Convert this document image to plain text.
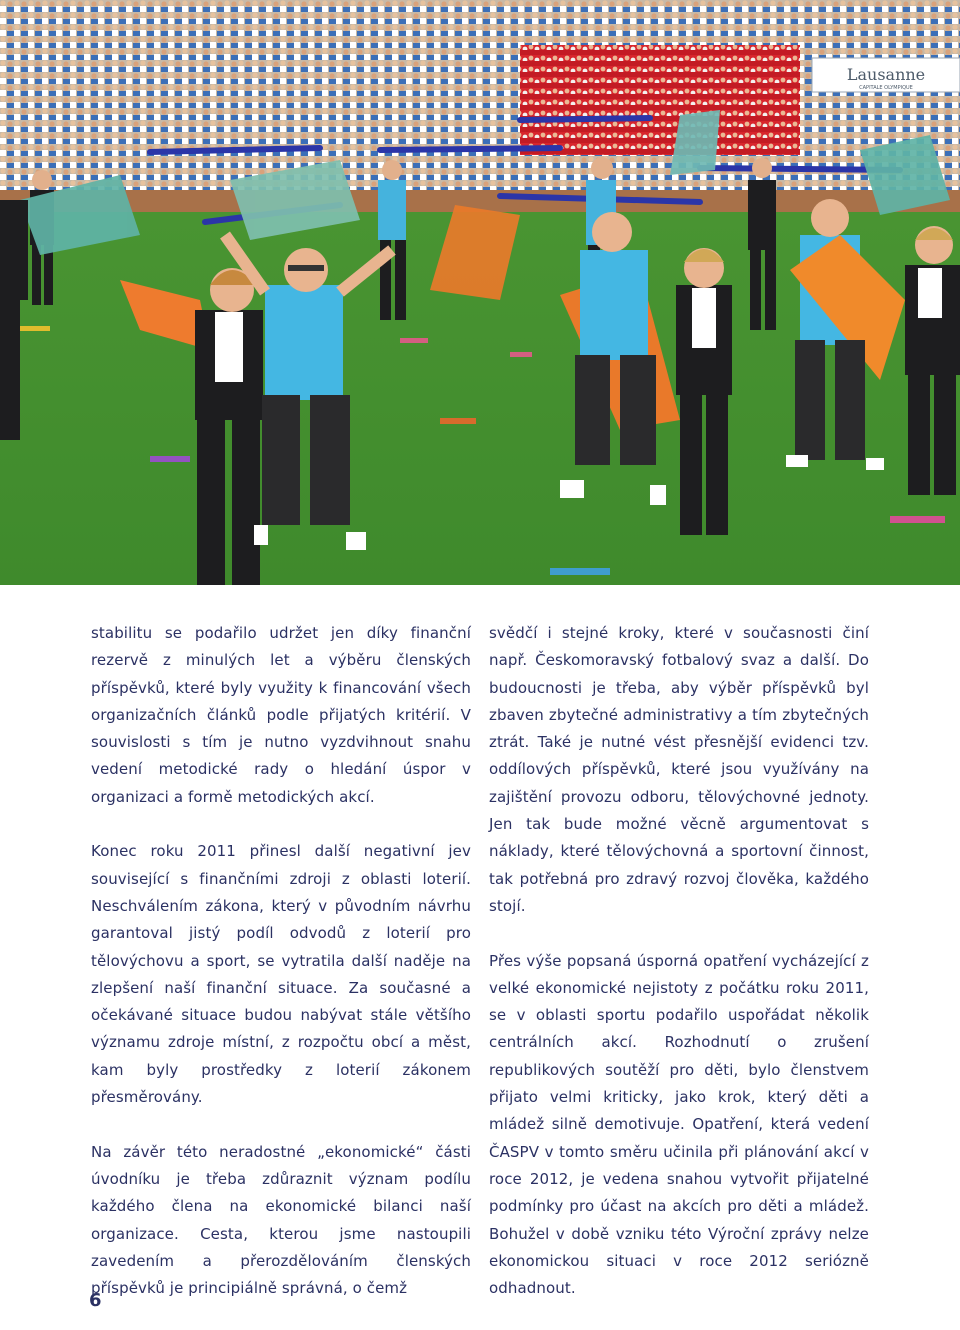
Lausanne
CAPITALE OLYMPIQUE

stabilitu se podařilo udržet jen díky finanční rezervě z minulých let a výběru členských příspěvků, které byly využity k financování všech organizačních článků podle přijatých kritérií. V souvislosti s tím je nutno vyzdvihnout snahu vedení metodické rady o hledání úspor v organizaci a formě metodických akcí.

Konec roku 2011 přinesl další negativní jev související s finančními zdroji z oblasti loterií. Neschválením zákona, který v původním návrhu garantoval jistý podíl odvodů z loterií pro tělovýchovu a sport, se vytratila další naděje na zlepšení naší finanční situace. Za současné a očekávané situace budou nabývat stále většího významu zdroje místní, z rozpočtu obcí a měst, kam byly prostředky z loterií zákonem přesměrovány.

Na závěr této neradostné „ekonomické“ části úvodníku je třeba zdůraznit význam podílu každého člena na ekonomické bilanci naší organizace. Cesta, kterou jsme nastoupili zavedením a přerozdělováním členských příspěvků je principiálně správná, o čemž

svědčí i stejné kroky, které v současnosti činí např. Českomoravský fotbalový svaz a další. Do budoucnosti je třeba, aby výběr příspěvků byl zbaven zbytečné administrativy a tím zbytečných ztrát. Také je nutné vést přesnější evidenci tzv. oddílových příspěvků, které jsou využívány na zajištění provozu odboru, tělovýchovné jednoty. Jen tak bude možné věcně argumentovat s náklady, které tělovýchovná a sportovní činnost, tak potřebná pro zdravý rozvoj člověka, každého stojí.

Přes výše popsaná úsporná opatření vycházející z velké ekonomické nejistoty z počátku roku 2011, se v oblasti sportu podařilo uspořádat několik centrálních akcí. Rozhodnutí o zrušení republikových soutěží pro děti, bylo členstvem přijato velmi kriticky, jako krok, který děti a mládež silně demotivuje. Opatření, která vedení ČASPV v tomto směru učinila při plánování akcí v roce 2012, je vedena snahou vytvořit přijatelné podmínky pro účast na akcích pro děti a mládež. Bohužel v době vzniku této Výroční zprávy nelze ekonomickou situaci v roce 2012 seriózně odhadnout.

6
